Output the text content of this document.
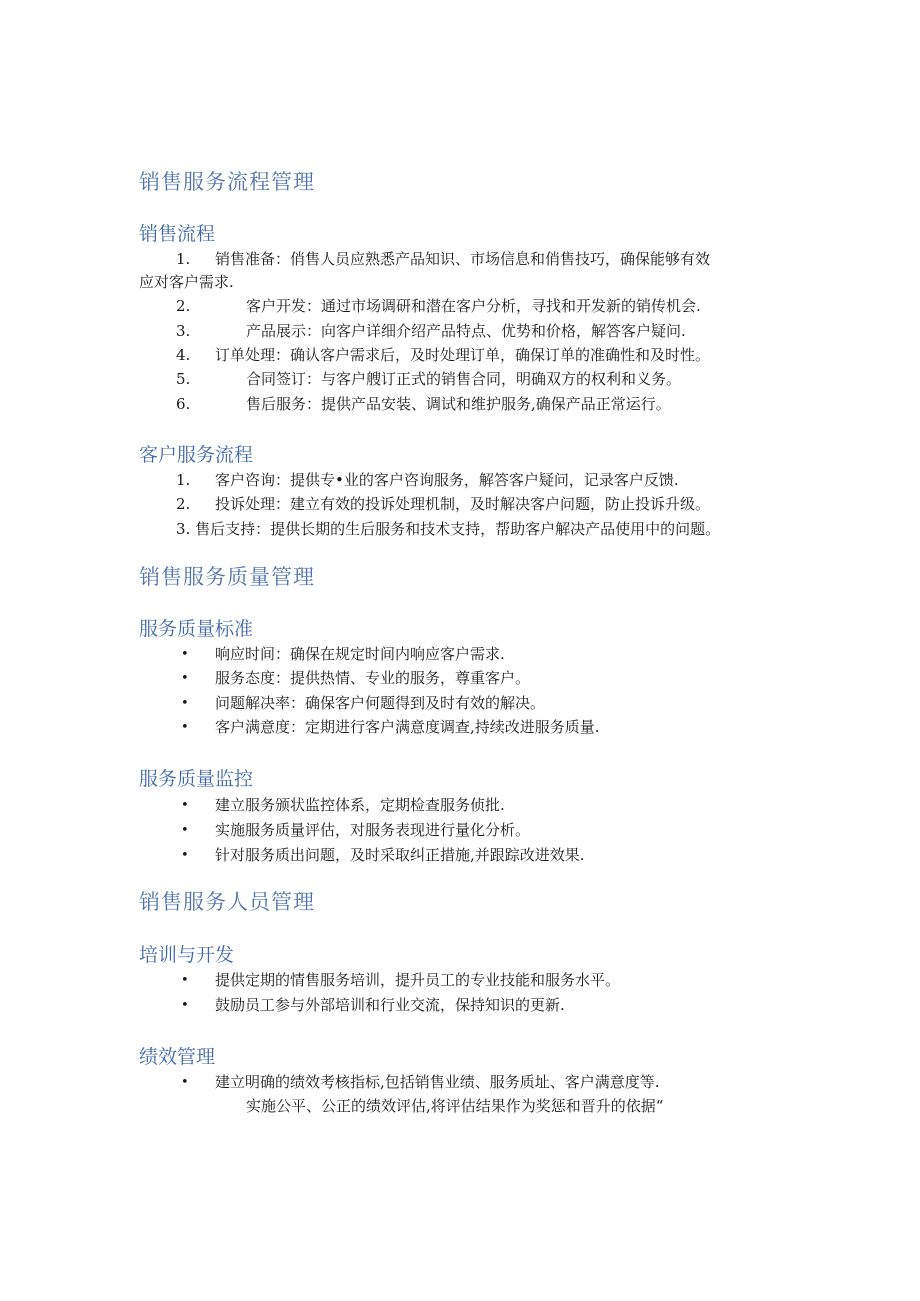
销售服务流程管理
销售流程
1. 销售准备：俏售人员应熟悉产品知识、市场信息和俏售技巧，确保能够有效
应对客户需求.
2.	客户开发：通过市场调研和潜在客户分析，寻找和开发新的销传机会.
3.	产品展示：向客户详细介绍产品特点、优势和价格，解答客户疑问.
4. 订单处理：确认客户需求后，及时处理订单，确保订单的准确性和及时性。
5.	合同签订：与客户艘订正式的销售合同，明确双方的权利和义务。
6.	售后服务：提供产品安装、调试和维护服务,确保产品正常运行。
客户服务流程
1. 客户咨询：提供专•业的客户咨询服务，解答客户疑问，记录客户反馈.
2. 投诉处理：建立有效的投诉处理机制，及时解决客户问题，防止投诉升级。
3. 售后支持：提供长期的生后服务和技术支持，帮助客户解决产品使用中的问题。
销售服务质量管理
服务质量标准
• 响应时间：确保在规定时间内响应客户需求.
• 服务态度：提供热情、专业的服务，尊重客户。
• 问题解决率：确保客户何题得到及时有效的解决。
• 客户满意度：定期进行客户满意度调查,持续改进服务质量.
服务质量监控
• 建立服务颁状监控体系，定期检查服务侦批.
• 实施服务质量评估，对服务表现进行量化分析。
• 针对服务质出问题，及时采取纠正措施,并跟踪改进效果.
销售服务人员管理
培训与开发
• 提供定期的情售服务培训，提升员工的专业技能和服务水平。
• 鼓励员工参与外部培训和行业交流，保持知识的更新.
绩效管理
• 建立明确的绩效考核指标,包括销售业绩、服务质址、客户满意度等.
实施公平、公正的绩效评估,将评估结果作为奖惩和晋升的依据“
